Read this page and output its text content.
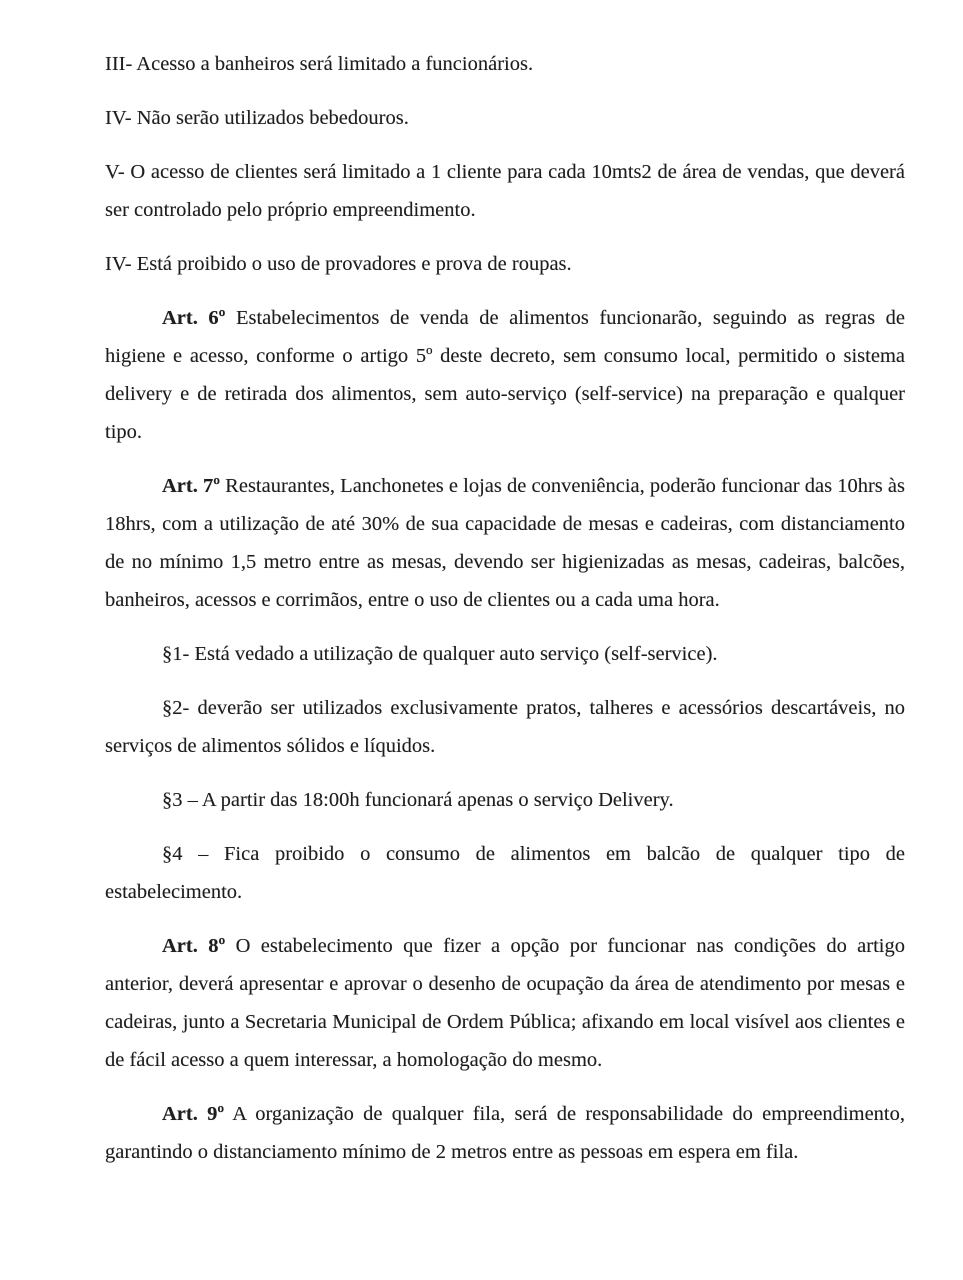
III- Acesso a banheiros será limitado a funcionários.

IV- Não serão utilizados bebedouros.

V- O acesso de clientes será limitado a 1 cliente para cada 10mts2 de área de vendas, que deverá ser controlado pelo próprio empreendimento.

IV- Está proibido o uso de provadores e prova de roupas.

Art. 6º Estabelecimentos de venda de alimentos funcionarão, seguindo as regras de higiene e acesso, conforme o artigo 5º deste decreto, sem consumo local, permitido o sistema delivery e de retirada dos alimentos, sem auto-serviço (self-service) na preparação e qualquer tipo.

Art. 7º Restaurantes, Lanchonetes e lojas de conveniência, poderão funcionar das 10hrs às 18hrs, com a utilização de até 30% de sua capacidade de mesas e cadeiras, com distanciamento de no mínimo 1,5 metro entre as mesas, devendo ser higienizadas as mesas, cadeiras, balcões, banheiros, acessos e corrimãos, entre o uso de clientes ou a cada uma hora.

§1- Está vedado a utilização de qualquer auto serviço (self-service).

§2- deverão ser utilizados exclusivamente pratos, talheres e acessórios descartáveis, no serviços de alimentos sólidos e líquidos.

§3 – A partir das 18:00h funcionará apenas o serviço Delivery.

§4 – Fica proibido o consumo de alimentos em balcão de qualquer tipo de estabelecimento.

Art. 8º O estabelecimento que fizer a opção por funcionar nas condições do artigo anterior, deverá apresentar e aprovar o desenho de ocupação da área de atendimento por mesas e cadeiras, junto a Secretaria Municipal de Ordem Pública; afixando em local visível aos clientes e de fácil acesso a quem interessar, a homologação do mesmo.

Art. 9º A organização de qualquer fila, será de responsabilidade do empreendimento, garantindo o distanciamento mínimo de 2 metros entre as pessoas em espera em fila.
